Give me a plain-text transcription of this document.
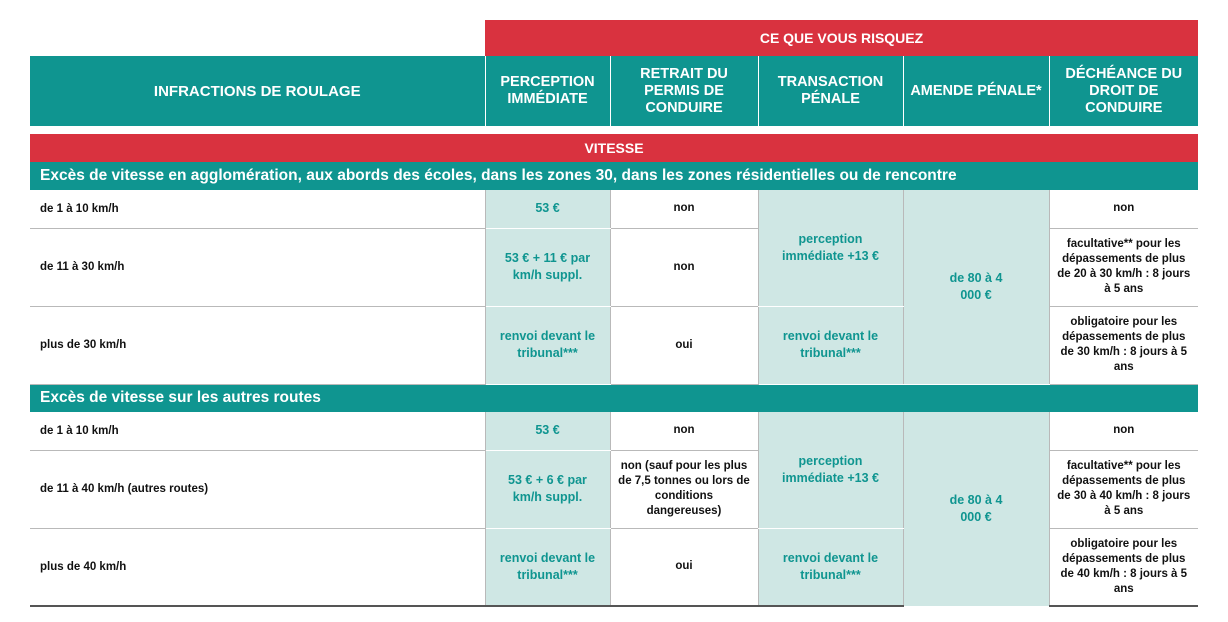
	CE QUE VOUS RISQUEZ				
INFRACTIONS DE ROULAGE	PERCEPTION IMMÉDIATE	RETRAIT DU PERMIS DE CONDUIRE	TRANSACTION PÉNALE	AMENDE PÉNALE*	DÉCHÉANCE DU DROIT DE CONDUIRE

VITESSE					
Excès de vitesse en agglomération, aux abords des écoles, dans les zones 30, dans les zones résidentielles ou de rencontre					
de 1 à 10 km/h	53 €	non	perception immédiate +13 €	de 80 à 4 000 €	non
de 11 à 30 km/h	53 € + 11 € par km/h suppl.	non			facultative** pour les dépassements de plus de 20 à 30 km/h : 8 jours à 5 ans
plus de 30 km/h	renvoi devant le tribunal***	oui	renvoi devant le tribunal***		obligatoire pour les dépassements de plus de 30 km/h : 8 jours à 5 ans
Excès de vitesse sur les autres routes					
de 1 à 10 km/h	53 €	non	perception immédiate +13 €	de 80 à 4 000 €	non
de 11 à 40 km/h (autres routes)	53 € + 6 € par km/h suppl.	non (sauf pour les plus de 7,5 tonnes ou lors de conditions dangereuses)			facultative** pour les dépassements de plus de 30 à 40 km/h : 8 jours à 5 ans
plus de 40 km/h	renvoi devant le tribunal***	oui	renvoi devant le tribunal***		obligatoire pour les dépassements de plus de 40 km/h : 8 jours à 5 ans
